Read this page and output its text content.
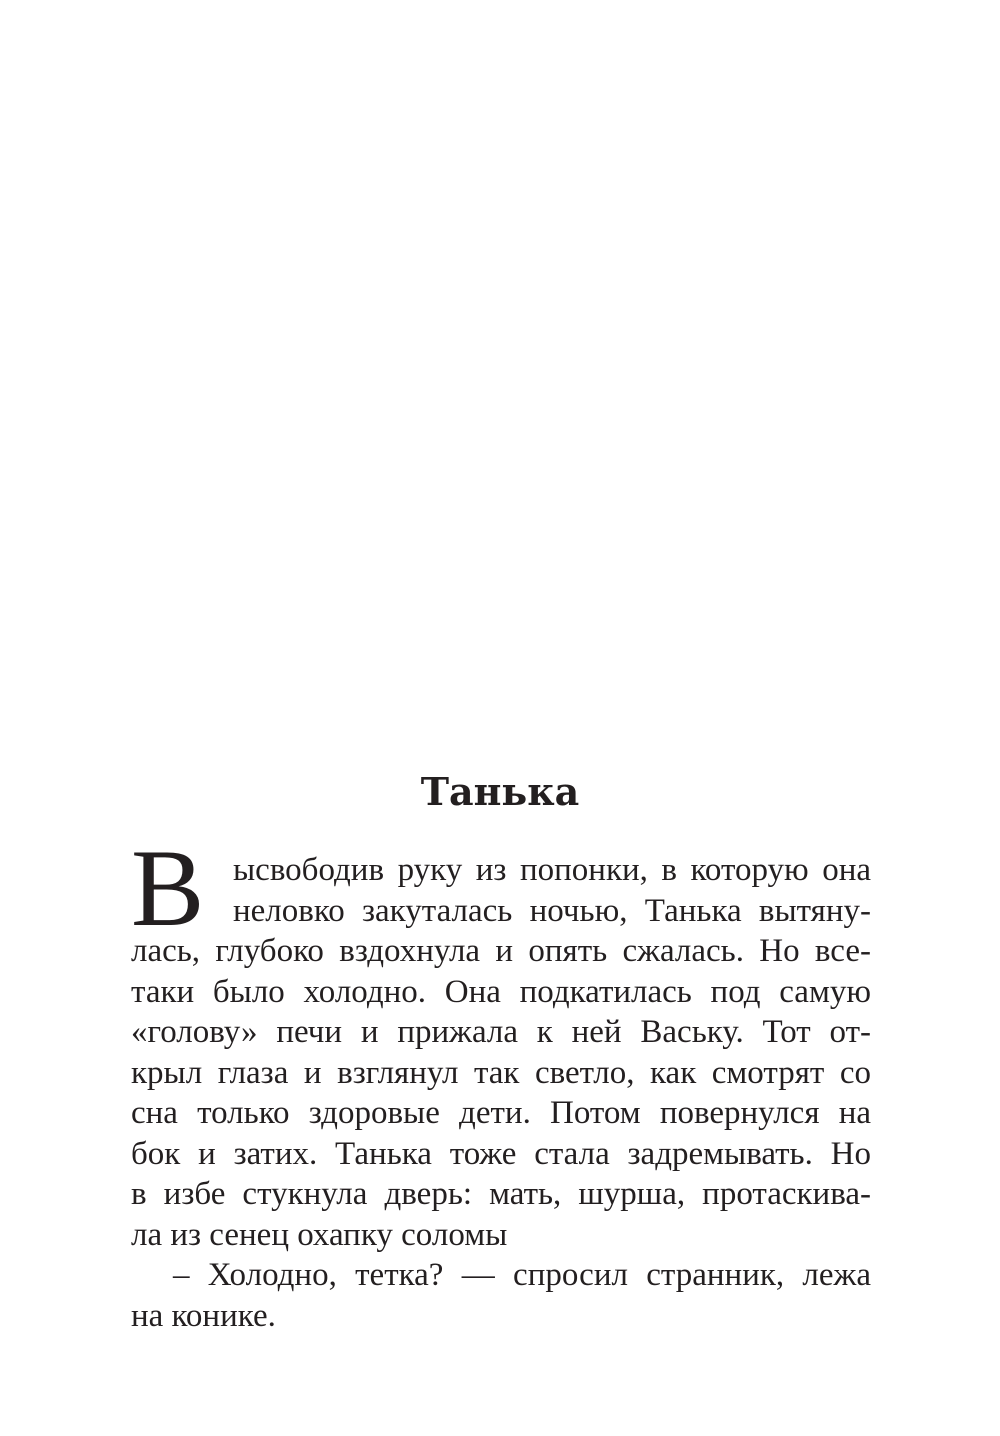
Танька
В ысвободив руку из попонки, в которую она
неловко закуталась ночью, Танька вытяну-
лась, глубоко вздохнула и опять сжалась. Но все-
таки было холодно. Она подкатилась под самую
«голову» печи и прижала к ней Ваську. Тот от-
крыл глаза и взглянул так светло, как смотрят со
сна только здоровые дети. Потом повернулся на
бок и затих. Танька тоже стала задремывать. Но
в избе стукнула дверь: мать, шурша, протаскива-
ла из сенец охапку соломы
– Холодно, тетка? — спросил странник, лежа
на конике.
